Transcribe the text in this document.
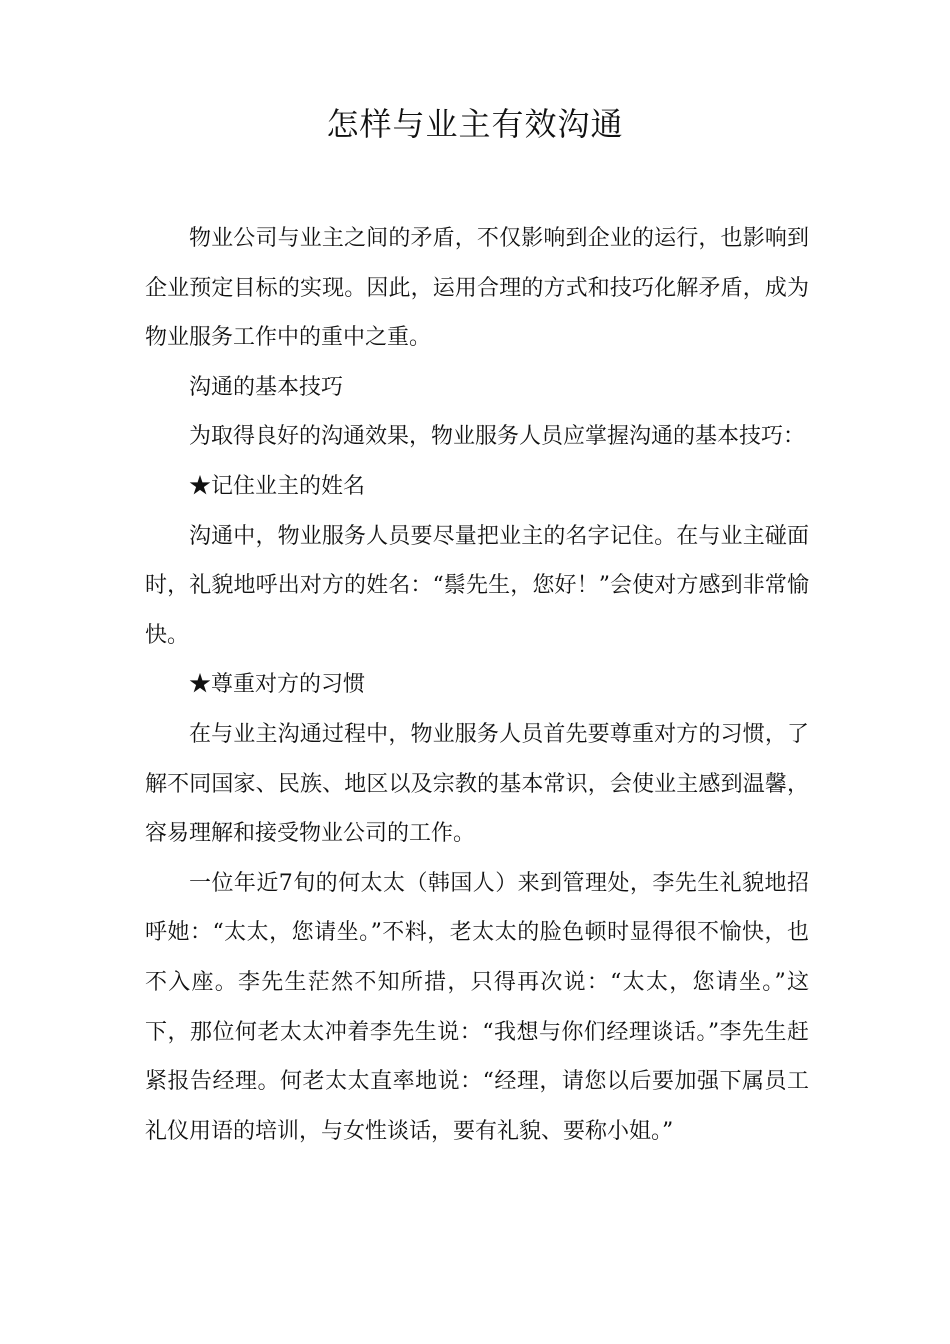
怎样与业主有效沟通

物业公司与业主之间的矛盾，不仅影响到企业的运行，也影响到企业预定目标的实现。因此，运用合理的方式和技巧化解矛盾，成为物业服务工作中的重中之重。

沟通的基本技巧

为取得良好的沟通效果，物业服务人员应掌握沟通的基本技巧：

★记住业主的姓名

沟通中，物业服务人员要尽量把业主的名字记住。在与业主碰面时，礼貌地呼出对方的姓名：“鬃先生，您好！”会使对方感到非常愉快。

★尊重对方的习惯

在与业主沟通过程中，物业服务人员首先要尊重对方的习惯，了解不同国家、民族、地区以及宗教的基本常识，会使业主感到温馨，容易理解和接受物业公司的工作。

一位年近7旬的何太太（韩国人）来到管理处，李先生礼貌地招呼她：“太太，您请坐。”不料，老太太的脸色顿时显得很不愉快，也不入座。李先生茫然不知所措，只得再次说：“太太，您请坐。”这下，那位何老太太冲着李先生说：“我想与你们经理谈话。”李先生赶紧报告经理。何老太太直率地说：“经理，请您以后要加强下属员工礼仪用语的培训，与女性谈话，要有礼貌、要称小姐。”
